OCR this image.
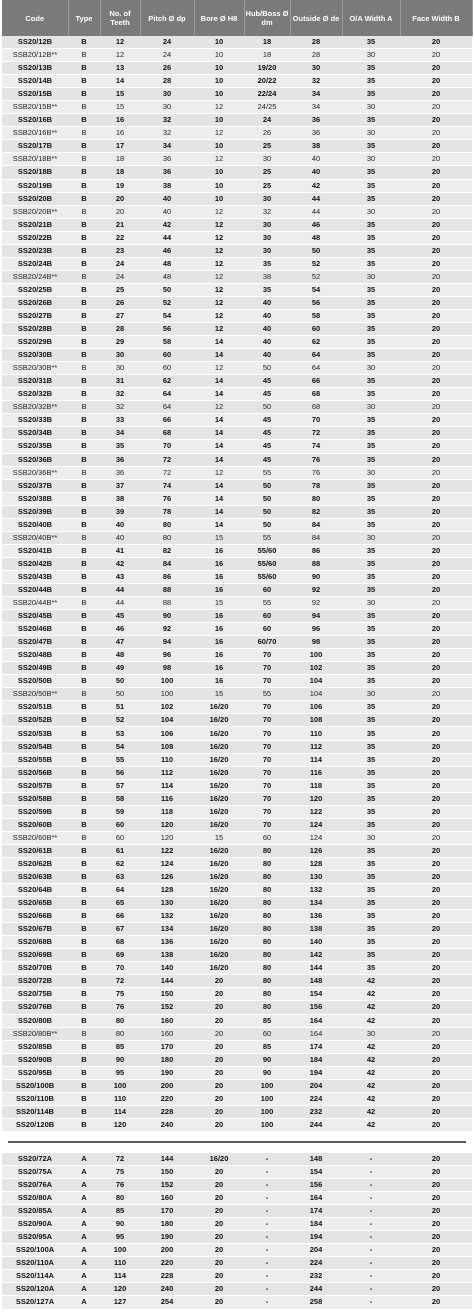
Code	Type	No. of Teeth	Pitch Ø dp	Bore Ø H8	Hub/Boss Ø dm	Outside Ø de	O/A Width A	Face Width B
SS20/12B	B	12	24	10	18	28	35	20
SSB20/12B**	B	12	24	10	18	28	30	20
SS20/13B	B	13	26	10	19/20	30	35	20
SS20/14B	B	14	28	10	20/22	32	35	20
SS20/15B	B	15	30	10	22/24	34	35	20
SSB20/15B**	B	15	30	12	24/25	34	30	20
SS20/16B	B	16	32	10	24	36	35	20
SSB20/16B**	B	16	32	12	26	36	30	20
SS20/17B	B	17	34	10	25	38	35	20
SSB20/18B**	B	18	36	12	30	40	30	20
SS20/18B	B	18	36	10	25	40	35	20
SS20/19B	B	19	38	10	25	42	35	20
SS20/20B	B	20	40	10	30	44	35	20
SSB20/20B**	B	20	40	12	32	44	30	20
SS20/21B	B	21	42	12	30	46	35	20
SS20/22B	B	22	44	12	30	48	35	20
SS20/23B	B	23	46	12	30	50	35	20
SS20/24B	B	24	48	12	35	52	35	20
SSB20/24B**	B	24	48	12	38	52	30	20
SS20/25B	B	25	50	12	35	54	35	20
SS20/26B	B	26	52	12	40	56	35	20
SS20/27B	B	27	54	12	40	58	35	20
SS20/28B	B	28	56	12	40	60	35	20
SS20/29B	B	29	58	14	40	62	35	20
SS20/30B	B	30	60	14	40	64	35	20
SSB20/30B**	B	30	60	12	50	64	30	20
SS20/31B	B	31	62	14	45	66	35	20
SS20/32B	B	32	64	14	45	68	35	20
SSB20/32B**	B	32	64	12	50	68	30	20
SS20/33B	B	33	66	14	45	70	35	20
SS20/34B	B	34	68	14	45	72	35	20
SS20/35B	B	35	70	14	45	74	35	20
SS20/36B	B	36	72	14	45	76	35	20
SSB20/36B**	B	36	72	12	55	76	30	20
SS20/37B	B	37	74	14	50	78	35	20
SS20/38B	B	38	76	14	50	80	35	20
SS20/39B	B	39	78	14	50	82	35	20
SS20/40B	B	40	80	14	50	84	35	20
SSB20/40B**	B	40	80	15	55	84	30	20
SS20/41B	B	41	82	16	55/60	86	35	20
SS20/42B	B	42	84	16	55/60	88	35	20
SS20/43B	B	43	86	16	55/60	90	35	20
SS20/44B	B	44	88	16	60	92	35	20
SSB20/44B**	B	44	88	15	55	92	30	20
SS20/45B	B	45	90	16	60	94	35	20
SS20/46B	B	46	92	16	60	96	35	20
SS20/47B	B	47	94	16	60/70	98	35	20
SS20/48B	B	48	96	16	70	100	35	20
SS20/49B	B	49	98	16	70	102	35	20
SS20/50B	B	50	100	16	70	104	35	20
SSB20/50B**	B	50	100	15	55	104	30	20
SS20/51B	B	51	102	16/20	70	106	35	20
SS20/52B	B	52	104	16/20	70	108	35	20
SS20/53B	B	53	106	16/20	70	110	35	20
SS20/54B	B	54	108	16/20	70	112	35	20
SS20/55B	B	55	110	16/20	70	114	35	20
SS20/56B	B	56	112	16/20	70	116	35	20
SS20/57B	B	57	114	16/20	70	118	35	20
SS20/58B	B	58	116	16/20	70	120	35	20
SS20/59B	B	59	118	16/20	70	122	35	20
SS20/60B	B	60	120	16/20	70	124	35	20
SSB20/60B**	B	60	120	15	60	124	30	20
SS20/61B	B	61	122	16/20	80	126	35	20
SS20/62B	B	62	124	16/20	80	128	35	20
SS20/63B	B	63	126	16/20	80	130	35	20
SS20/64B	B	64	128	16/20	80	132	35	20
SS20/65B	B	65	130	16/20	80	134	35	20
SS20/66B	B	66	132	16/20	80	136	35	20
SS20/67B	B	67	134	16/20	80	138	35	20
SS20/68B	B	68	136	16/20	80	140	35	20
SS20/69B	B	69	138	16/20	80	142	35	20
SS20/70B	B	70	140	16/20	80	144	35	20
SS20/72B	B	72	144	20	80	148	42	20
SS20/75B	B	75	150	20	80	154	42	20
SS20/76B	B	76	152	20	80	156	42	20
SS20/80B	B	80	160	20	85	164	42	20
SSB20/80B**	B	80	160	20	60	164	30	20
SS20/85B	B	85	170	20	85	174	42	20
SS20/90B	B	90	180	20	90	184	42	20
SS20/95B	B	95	190	20	90	194	42	20
SS20/100B	B	100	200	20	100	204	42	20
SS20/110B	B	110	220	20	100	224	42	20
SS20/114B	B	114	228	20	100	232	42	20
SS20/120B	B	120	240	20	100	244	42	20

SS20/72A	A	72	144	16/20	-	148	-	20
SS20/75A	A	75	150	20	-	154	-	20
SS20/76A	A	76	152	20	-	156	-	20
SS20/80A	A	80	160	20	-	164	-	20
SS20/85A	A	85	170	20	-	174	-	20
SS20/90A	A	90	180	20	-	184	-	20
SS20/95A	A	95	190	20	-	194	-	20
SS20/100A	A	100	200	20	-	204	-	20
SS20/110A	A	110	220	20	-	224	-	20
SS20/114A	A	114	228	20	-	232	-	20
SS20/120A	A	120	240	20	-	244	-	20
SS20/127A	A	127	254	20	-	258	-	20
